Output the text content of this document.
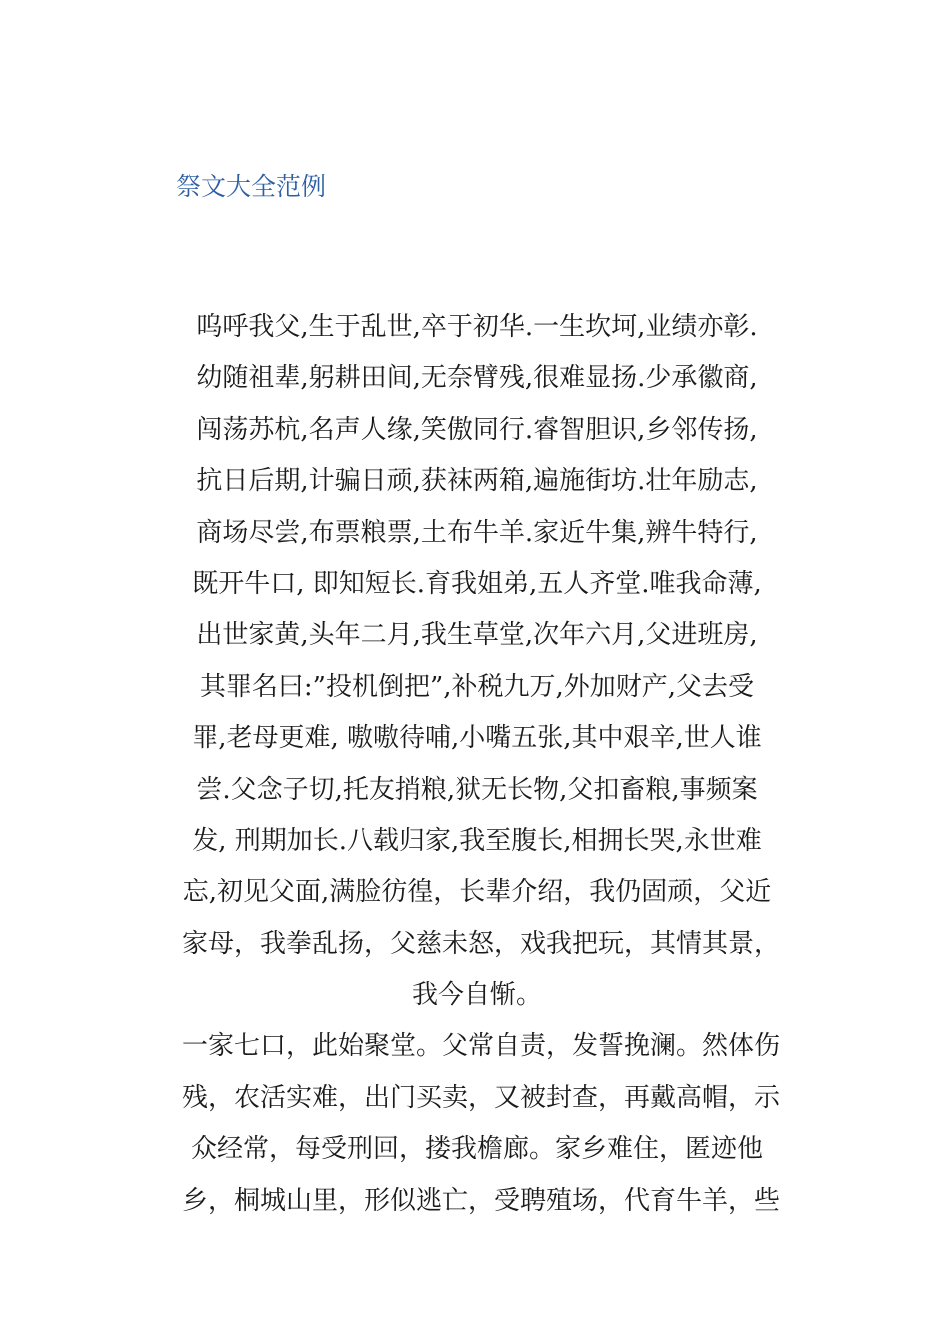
祭文大全范例
呜呼我父,生于乱世,卒于初华.一生坎坷,业绩亦彰.
幼随祖辈,躬耕田间,无奈臂残,很难显扬.少承徽商,
闯荡苏杭,名声人缘,笑傲同行.睿智胆识,乡邻传扬,
抗日后期,计骗日顽,获袜两箱,遍施街坊.壮年励志,
商场尽尝,布票粮票,土布牛羊.家近牛集,辨牛特行,
既开牛口, 即知短长.育我姐弟,五人齐堂.唯我命薄,
出世家黄,头年二月,我生草堂,次年六月,父进班房,
其罪名曰:”投机倒把”,补税九万,外加财产,父去受
罪,老母更难, 嗷嗷待哺,小嘴五张,其中艰辛,世人谁
尝.父念子切,托友捎粮,狱无长物,父扣畜粮,事频案
发, 刑期加长.八载归家,我至腹长,相拥长哭,永世难
忘,初见父面,满脸彷徨，长辈介绍，我仍固顽，父近
家母，我拳乱扬，父慈未怒，戏我把玩，其情其景，
我今自惭。
一家七口，此始聚堂。父常自责，发誓挽澜。然体伤
残，农活实难，出门买卖，又被封查，再戴高帽，示
众经常，每受刑回，搂我檐廊。家乡难住，匿迹他
乡，桐城山里，形似逃亡，受聘殖场，代育牛羊，些
